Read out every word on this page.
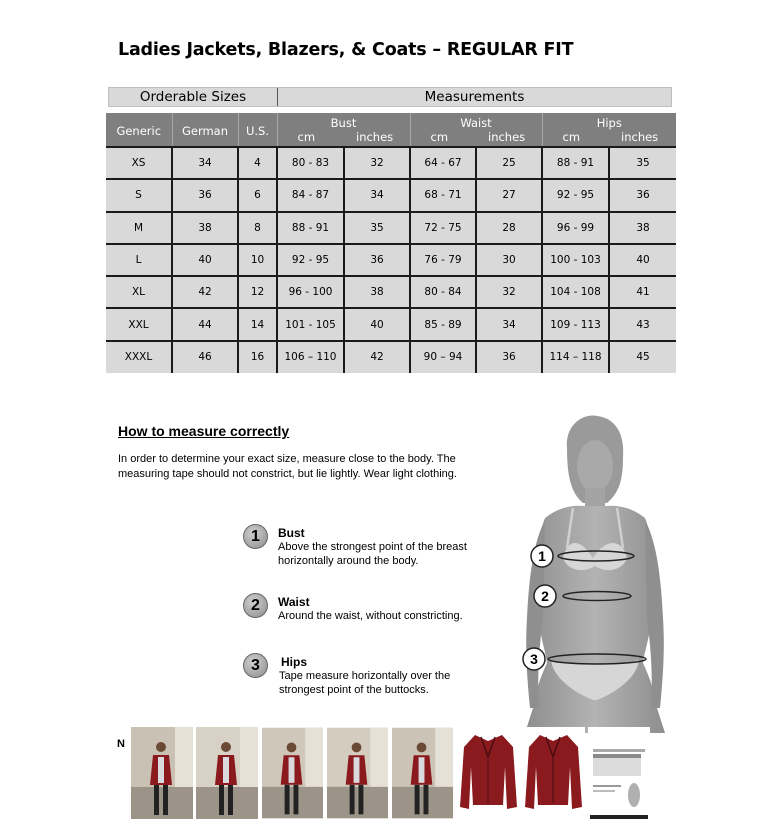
Ladies Jackets, Blazers, & Coats – REGULAR FIT
Orderable Sizes	Measurements
Generic	German	U.S.	Bust		Waist		Hips	
			cm	inches	cm	inches	cm	inches
XS	34	4	80 - 83	32	64 - 67	25	88 - 91	35
S	36	6	84 - 87	34	68 - 71	27	92 - 95	36
M	38	8	88 - 91	35	72 - 75	28	96 - 99	38
L	40	10	92 - 95	36	76 - 79	30	100 - 103	40
XL	42	12	96 - 100	38	80 - 84	32	104 - 108	41
XXL	44	14	101 - 105	40	85 - 89	34	109 - 113	43
XXXL	46	16	106 – 110	42	90 – 94	36	114 – 118	45
How to measure correctly
In order to determine your exact size, measure close to the body. The measuring tape should not constrict, but lie lightly. Wear light clothing.
1	Bust
Above the strongest point of the breast horizontally around the body.
2	Waist
Around the waist, without constricting.
3	Hips
Tape measure horizontally over the strongest point of the buttocks.
1
2
3
N
